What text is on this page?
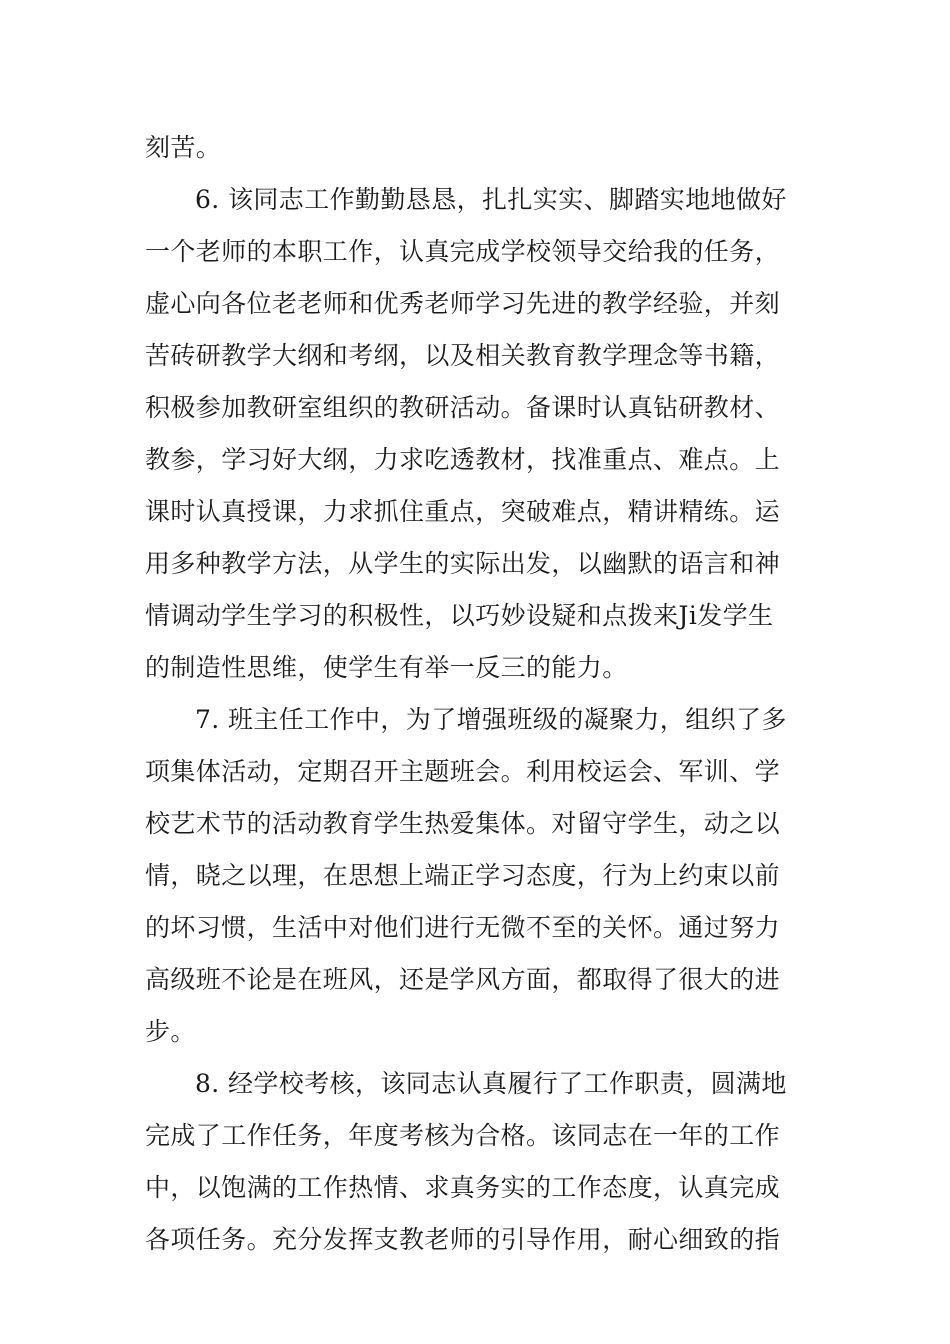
刻苦。
6. 该同志工作勤勤恳恳，扎扎实实、脚踏实地地做好
一个老师的本职工作，认真完成学校领导交给我的任务，
虚心向各位老老师和优秀老师学习先进的教学经验，并刻
苦砖研教学大纲和考纲，以及相关教育教学理念等书籍，
积极参加教研室组织的教研活动。备课时认真钻研教材、
教参，学习好大纲，力求吃透教材，找准重点、难点。上
课时认真授课，力求抓住重点，突破难点，精讲精练。运
用多种教学方法，从学生的实际出发，以幽默的语言和神
情调动学生学习的积极性，以巧妙设疑和点拨来Ji发学生
的制造性思维，使学生有举一反三的能力。
7. 班主任工作中，为了增强班级的凝聚力，组织了多
项集体活动，定期召开主题班会。利用校运会、军训、学
校艺术节的活动教育学生热爱集体。对留守学生，动之以
情，晓之以理，在思想上端正学习态度，行为上约束以前
的坏习惯，生活中对他们进行无微不至的关怀。通过努力
高级班不论是在班风，还是学风方面，都取得了很大的进
步。
8. 经学校考核，该同志认真履行了工作职责，圆满地
完成了工作任务，年度考核为合格。该同志在一年的工作
中，以饱满的工作热情、求真务实的工作态度，认真完成
各项任务。充分发挥支教老师的引导作用，耐心细致的指
